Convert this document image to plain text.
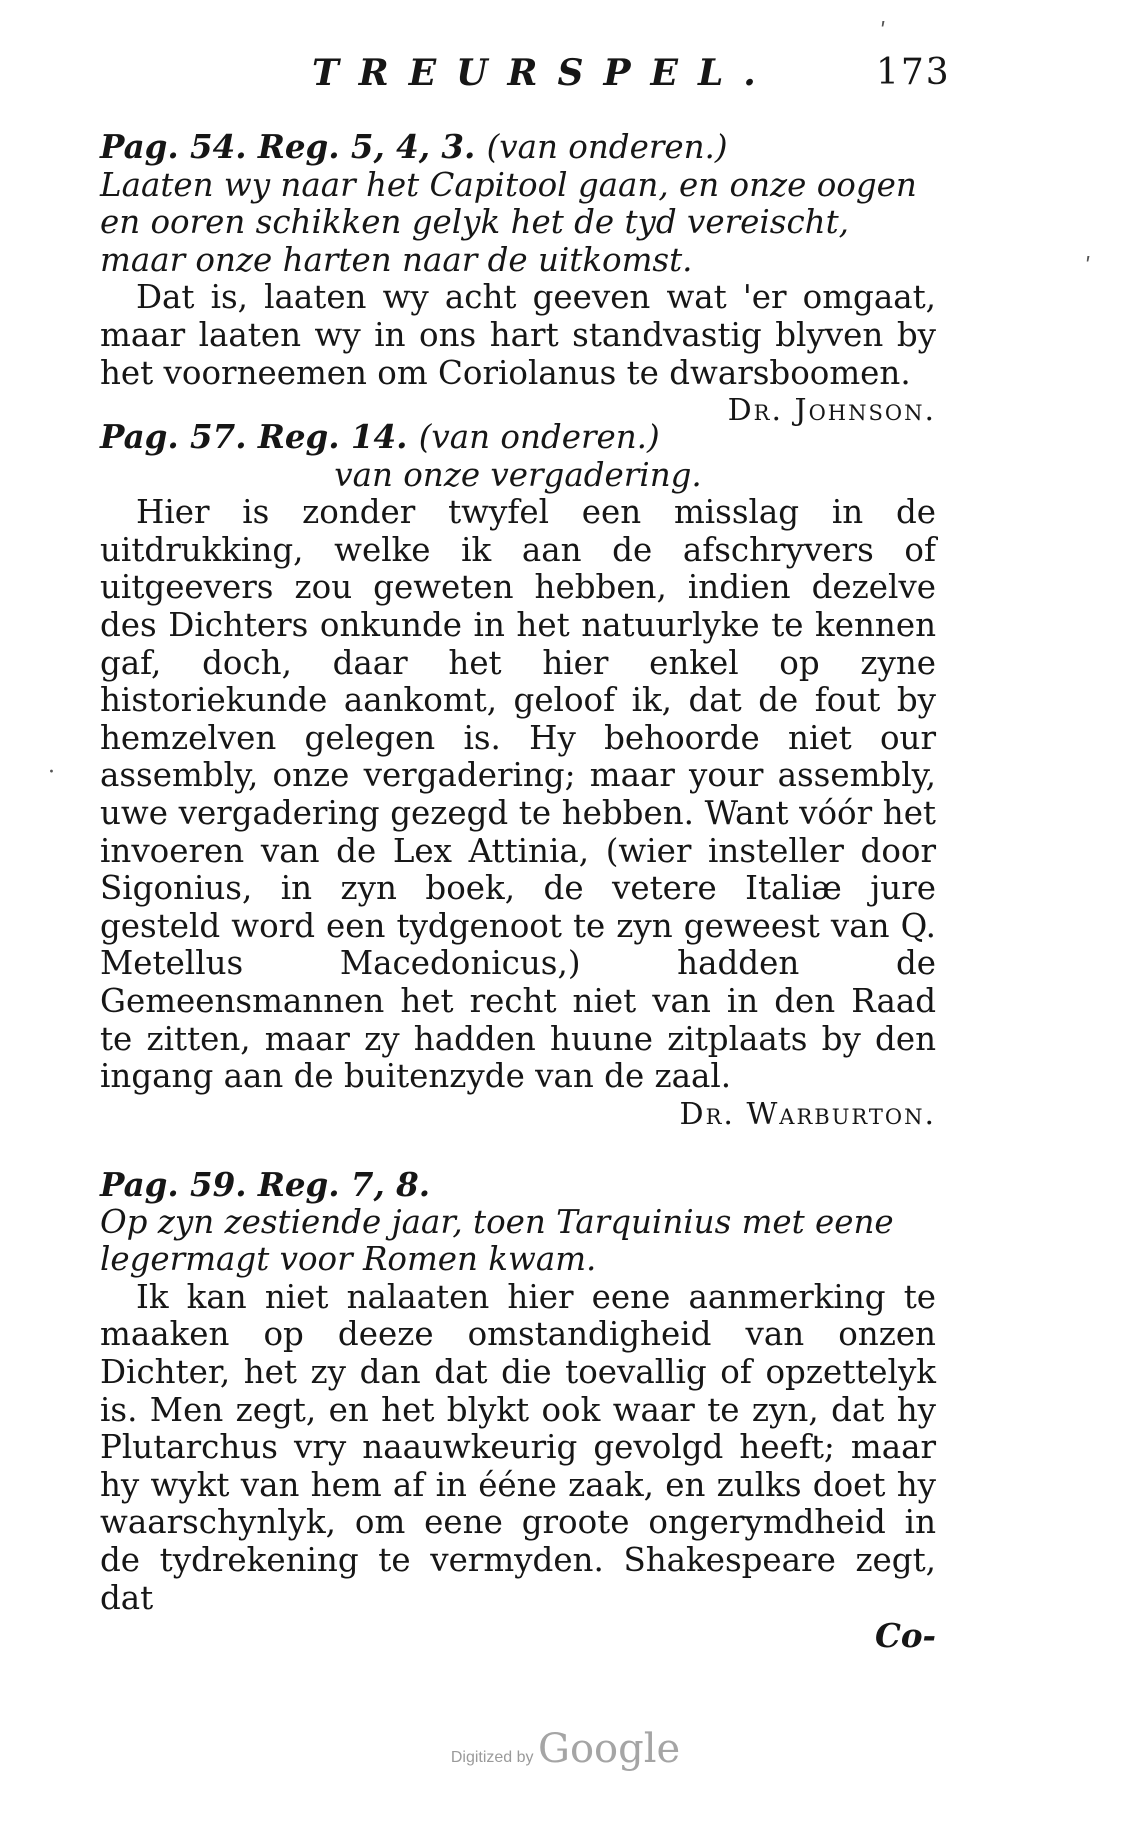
TREURSPEL.	173

Pag. 54. Reg. 5, 4, 3. (van onderen.)

Laaten wy naar het Capitool gaan, en onze oogen en ooren schikken gelyk het de tyd vereischt, maar onze harten naar de uitkomst.

Dat is, laaten wy acht geeven wat 'er omgaat, maar laaten wy in ons hart standvastig blyven by het voorneemen om Coriolanus te dwarsboomen.

Dr. Johnson.

Pag. 57. Reg. 14. (van onderen.)

van onze vergadering.

Hier is zonder twyfel een misslag in de uitdrukking, welke ik aan de afschryvers of uitgeevers zou geweten hebben, indien dezelve des Dichters onkunde in het natuurlyke te kennen gaf, doch, daar het hier enkel op zyne historiekunde aankomt, geloof ik, dat de fout by hemzelven gelegen is. Hy behoorde niet our assembly, onze vergadering; maar your assembly, uwe vergadering gezegd te hebben. Want vóór het invoeren van de Lex Attinia, (wier insteller door Sigonius, in zyn boek, de vetere Italiæ jure gesteld word een tydgenoot te zyn geweest van Q. Metellus Macedonicus,) hadden de Gemeensmannen het recht niet van in den Raad te zitten, maar zy hadden huune zitplaats by den ingang aan de buitenzyde van de zaal.

Dr. Warburton.

Pag. 59. Reg. 7, 8.

Op zyn zestiende jaar, toen Tarquinius met eene legermagt voor Romen kwam.

Ik kan niet nalaaten hier eene aanmerking te maaken op deeze omstandigheid van onzen Dichter, het zy dan dat die toevallig of opzettelyk is. Men zegt, en het blykt ook waar te zyn, dat hy Plutarchus vry naauwkeurig gevolgd heeft; maar hy wykt van hem af in ééne zaak, en zulks doet hy waarschynlyk, om eene groote ongerymdheid in de tydrekening te vermyden. Shakespeare zegt, dat

Co-

ʹ
ʹ
·
Digitized by Google
